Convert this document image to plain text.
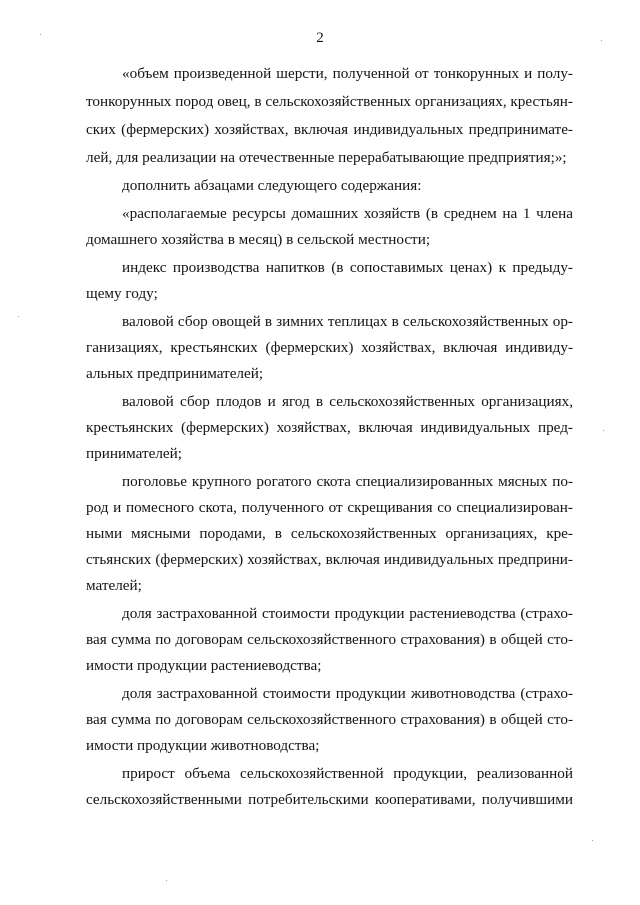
2
«объем произведенной шерсти, полученной от тонкорунных и полу-
тонкорунных пород овец, в сельскохозяйственных организациях, крестьян-
ских (фермерских) хозяйствах, включая индивидуальных предпринимате-
лей, для реализации на отечественные перерабатывающие предприятия;»;
дополнить абзацами следующего содержания:
«располагаемые ресурсы домашних хозяйств (в среднем на 1 члена
домашнего хозяйства в месяц) в сельской местности;
индекс производства напитков (в сопоставимых ценах) к предыду-
щему году;
валовой сбор овощей в зимних теплицах в сельскохозяйственных ор-
ганизациях, крестьянских (фермерских) хозяйствах, включая индивиду-
альных предпринимателей;
валовой сбор плодов и ягод в сельскохозяйственных организациях,
крестьянских (фермерских) хозяйствах, включая индивидуальных пред-
принимателей;
поголовье крупного рогатого скота специализированных мясных по-
род и помесного скота, полученного от скрещивания со специализирован-
ными мясными породами, в сельскохозяйственных организациях, кре-
стьянских (фермерских) хозяйствах, включая индивидуальных предприни-
мателей;
доля застрахованной стоимости продукции растениеводства (страхо-
вая сумма по договорам сельскохозяйственного страхования) в общей сто-
имости продукции растениеводства;
доля застрахованной стоимости продукции животноводства (страхо-
вая сумма по договорам сельскохозяйственного страхования) в общей сто-
имости продукции животноводства;
прирост объема сельскохозяйственной продукции, реализованной
сельскохозяйственными потребительскими кооперативами, получившими
